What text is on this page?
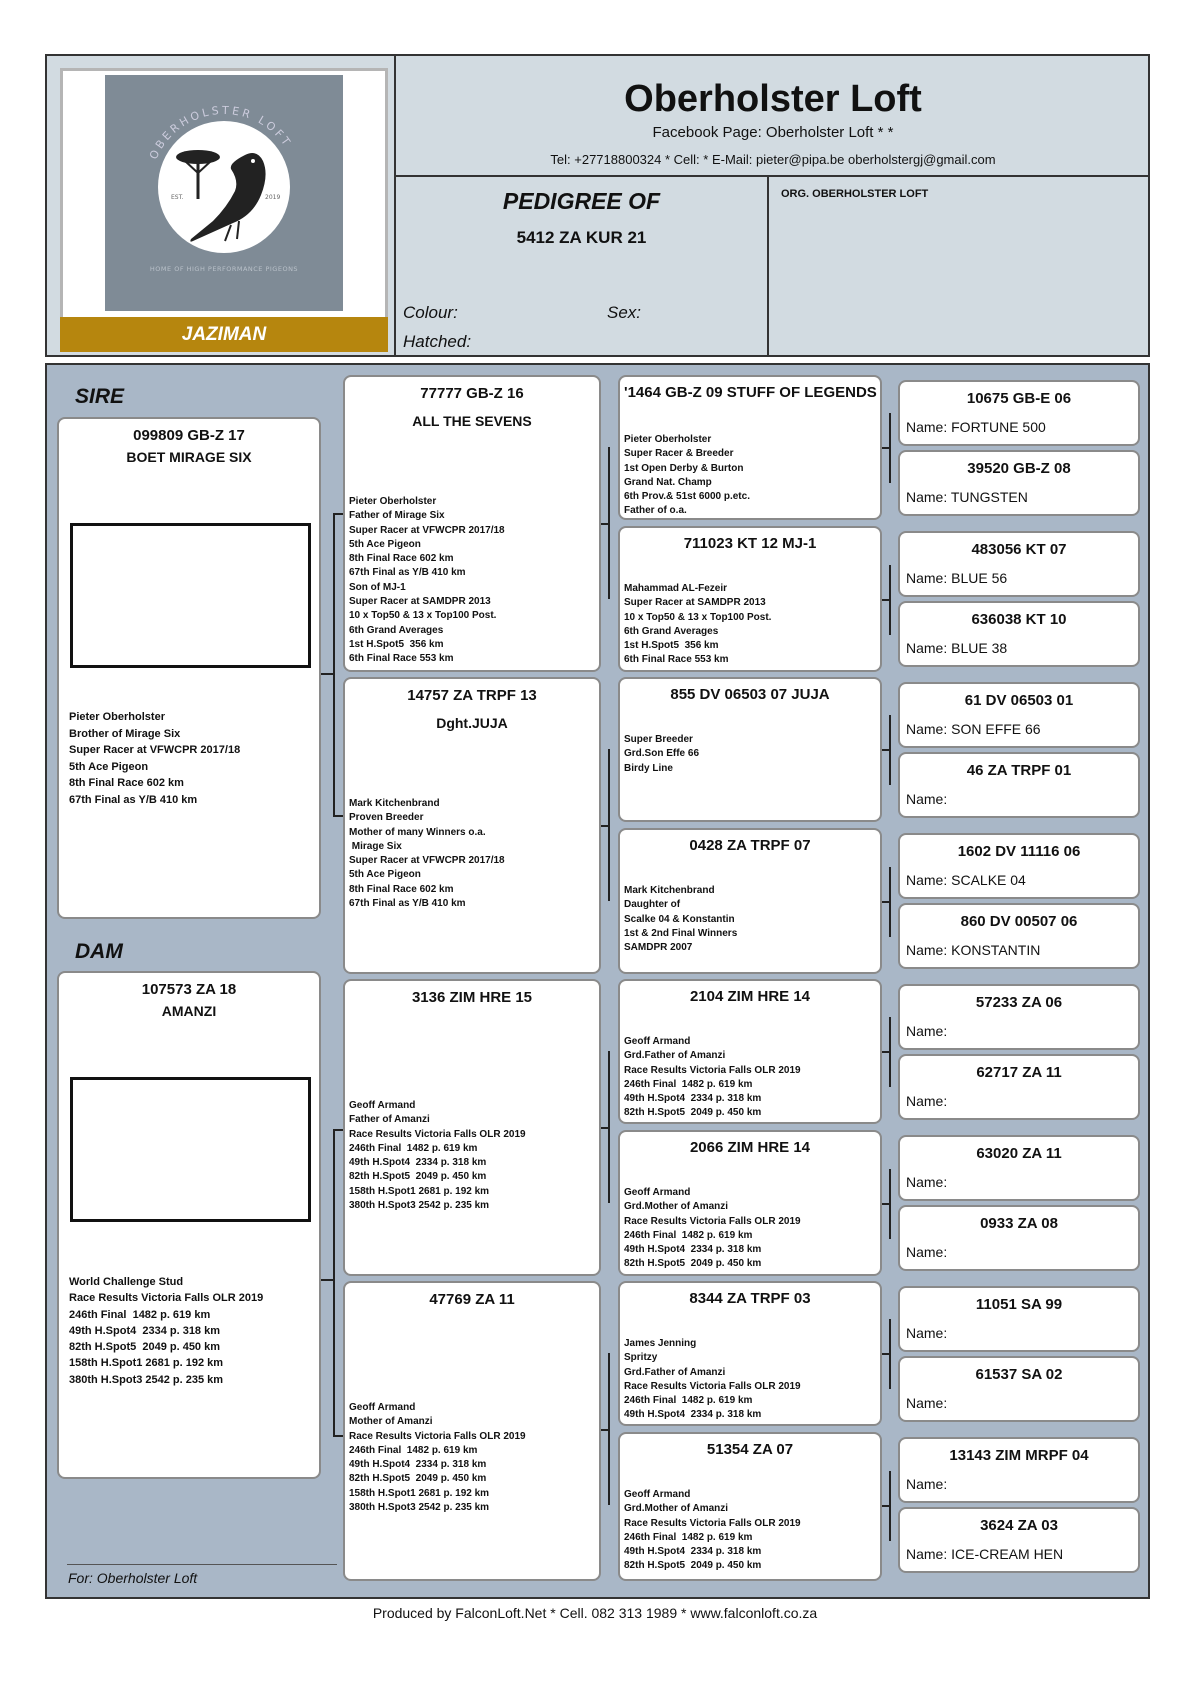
OBERHOLSTER LOFT
EST.	2019
HOME OF HIGH PERFORMANCE PIGEONS
JAZIMAN
Oberholster Loft
Facebook Page: Oberholster Loft * *
Tel: +27718800324 * Cell: * E-Mail: pieter@pipa.be oberholstergj@gmail.com
PEDIGREE OF
5412 ZA KUR 21
ORG. OBERHOLSTER LOFT
Colour:	Sex:
Hatched:
SIRE
099809 GB-Z 17
BOET MIRAGE SIX
Pieter Oberholster
Brother of Mirage Six
Super Racer at VFWCPR 2017/18
5th Ace Pigeon
8th Final Race 602 km
67th Final as Y/B 410 km
DAM
107573 ZA 18
AMANZI
World Challenge Stud
Race Results Victoria Falls OLR 2019
246th Final  1482 p. 619 km
49th H.Spot4  2334 p. 318 km
82th H.Spot5  2049 p. 450 km
158th H.Spot1 2681 p. 192 km
380th H.Spot3 2542 p. 235 km
77777 GB-Z 16
ALL THE SEVENS
Pieter Oberholster
Father of Mirage Six
Super Racer at VFWCPR 2017/18
5th Ace Pigeon
8th Final Race 602 km
67th Final as Y/B 410 km
Son of MJ-1
Super Racer at SAMDPR 2013
10 x Top50 & 13 x Top100 Post.
6th Grand Averages
1st H.Spot5  356 km
6th Final Race 553 km
14757 ZA TRPF 13
Dght.JUJA
Mark Kitchenbrand
Proven Breeder
Mother of many Winners o.a.
Mirage Six
Super Racer at VFWCPR 2017/18
5th Ace Pigeon
8th Final Race 602 km
67th Final as Y/B 410 km
3136 ZIM HRE 15
Geoff Armand
Father of Amanzi
Race Results Victoria Falls OLR 2019
246th Final  1482 p. 619 km
49th H.Spot4  2334 p. 318 km
82th H.Spot5  2049 p. 450 km
158th H.Spot1 2681 p. 192 km
380th H.Spot3 2542 p. 235 km
47769 ZA 11
Geoff Armand
Mother of Amanzi
Race Results Victoria Falls OLR 2019
246th Final  1482 p. 619 km
49th H.Spot4  2334 p. 318 km
82th H.Spot5  2049 p. 450 km
158th H.Spot1 2681 p. 192 km
380th H.Spot3 2542 p. 235 km
'1464 GB-Z 09 STUFF OF LEGENDS
Pieter Oberholster
Super Racer & Breeder
1st Open Derby & Burton
Grand Nat. Champ
6th Prov.& 51st 6000 p.etc.
Father of o.a.
711023 KT 12 MJ-1
Mahammad AL-Fezeir
Super Racer at SAMDPR 2013
10 x Top50 & 13 x Top100 Post.
6th Grand Averages
1st H.Spot5  356 km
6th Final Race 553 km
855 DV 06503 07 JUJA
Super Breeder
Grd.Son Effe 66
Birdy Line
0428 ZA TRPF 07
Mark Kitchenbrand
Daughter of
Scalke 04 & Konstantin
1st & 2nd Final Winners
SAMDPR 2007
2104 ZIM HRE 14
Geoff Armand
Grd.Father of Amanzi
Race Results Victoria Falls OLR 2019
246th Final  1482 p. 619 km
49th H.Spot4  2334 p. 318 km
82th H.Spot5  2049 p. 450 km
2066 ZIM HRE 14
Geoff Armand
Grd.Mother of Amanzi
Race Results Victoria Falls OLR 2019
246th Final  1482 p. 619 km
49th H.Spot4  2334 p. 318 km
82th H.Spot5  2049 p. 450 km
8344 ZA TRPF 03
James Jenning
Spritzy
Grd.Father of Amanzi
Race Results Victoria Falls OLR 2019
246th Final  1482 p. 619 km
49th H.Spot4  2334 p. 318 km
51354 ZA 07
Geoff Armand
Grd.Mother of Amanzi
Race Results Victoria Falls OLR 2019
246th Final  1482 p. 619 km
49th H.Spot4  2334 p. 318 km
82th H.Spot5  2049 p. 450 km
10675 GB-E 06
Name: FORTUNE 500
39520 GB-Z 08
Name: TUNGSTEN
483056 KT 07
Name: BLUE 56
636038 KT 10
Name: BLUE 38
61 DV 06503 01
Name: SON EFFE 66
46 ZA TRPF 01
Name:
1602 DV 11116 06
Name: SCALKE 04
860 DV 00507 06
Name: KONSTANTIN
57233 ZA 06
Name:
62717 ZA 11
Name:
63020 ZA 11
Name:
0933 ZA 08
Name:
11051 SA 99
Name:
61537 SA 02
Name:
13143 ZIM MRPF 04
Name:
3624 ZA 03
Name: ICE-CREAM HEN
For: Oberholster Loft
Produced by FalconLoft.Net * Cell. 082 313 1989 * www.falconloft.co.za
